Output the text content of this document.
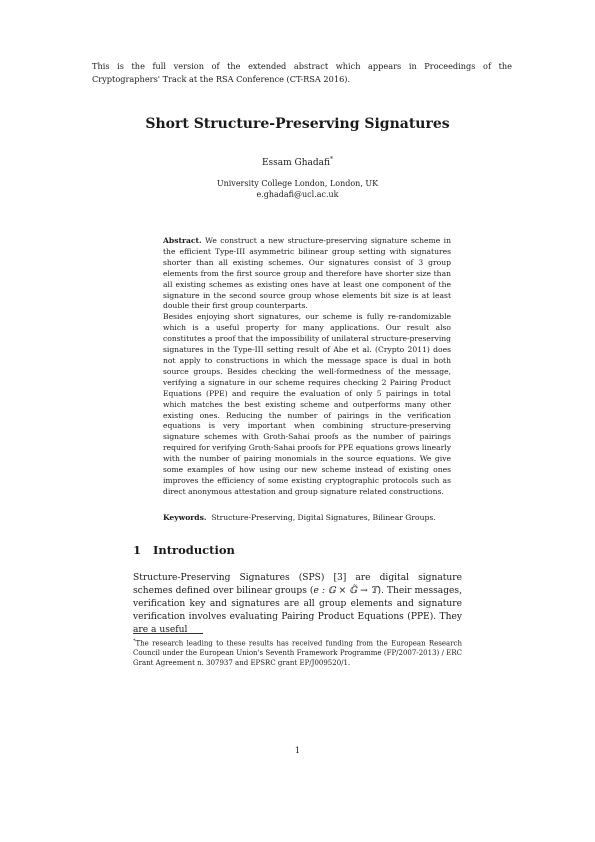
This is the full version of the extended abstract which appears in Proceedings of the Cryptographers' Track at the RSA Conference (CT-RSA 2016).
Short Structure-Preserving Signatures
Essam Ghadafi*
University College London, London, UK
e.ghadafi@ucl.ac.uk

Abstract. We construct a new structure-preserving signature scheme in the efficient Type-III asymmetric bilinear group setting with signatures shorter than all existing schemes. Our signatures consist of 3 group elements from the first source group and therefore have shorter size than all existing schemes as existing ones have at least one component of the signature in the second source group whose elements bit size is at least double their first group counterparts.

Besides enjoying short signatures, our scheme is fully re-randomizable which is a useful property for many applications. Our result also constitutes a proof that the impossibility of unilateral structure-preserving signatures in the Type-III setting result of Abe et al. (Crypto 2011) does not apply to constructions in which the message space is dual in both source groups. Besides checking the well-formedness of the message, verifying a signature in our scheme requires checking 2 Pairing Product Equations (PPE) and require the evaluation of only 5 pairings in total which matches the best existing scheme and outperforms many other existing ones. Reducing the number of pairings in the verification equations is very important when combining structure-preserving signature schemes with Groth-Sahai proofs as the number of pairings required for verifying Groth-Sahai proofs for PPE equations grows linearly with the number of pairing monomials in the source equations. We give some examples of how using our new scheme instead of existing ones improves the efficiency of some existing cryptographic protocols such as direct anonymous attestation and group signature related constructions.

Keywords. Structure-Preserving, Digital Signatures, Bilinear Groups.
1 Introduction
Structure-Preserving Signatures (SPS) [3] are digital signature schemes defined over bilinear groups (e : 𝔾 × 𝔾̃ → 𝕋). Their messages, verification key and signatures are all group elements and signature verification involves evaluating Pairing Product Equations (PPE). They are a useful
*The research leading to these results has received funding from the European Research Council under the European Union's Seventh Framework Programme (FP/2007-2013) / ERC Grant Agreement n. 307937 and EPSRC grant EP/J009520/1.
1
